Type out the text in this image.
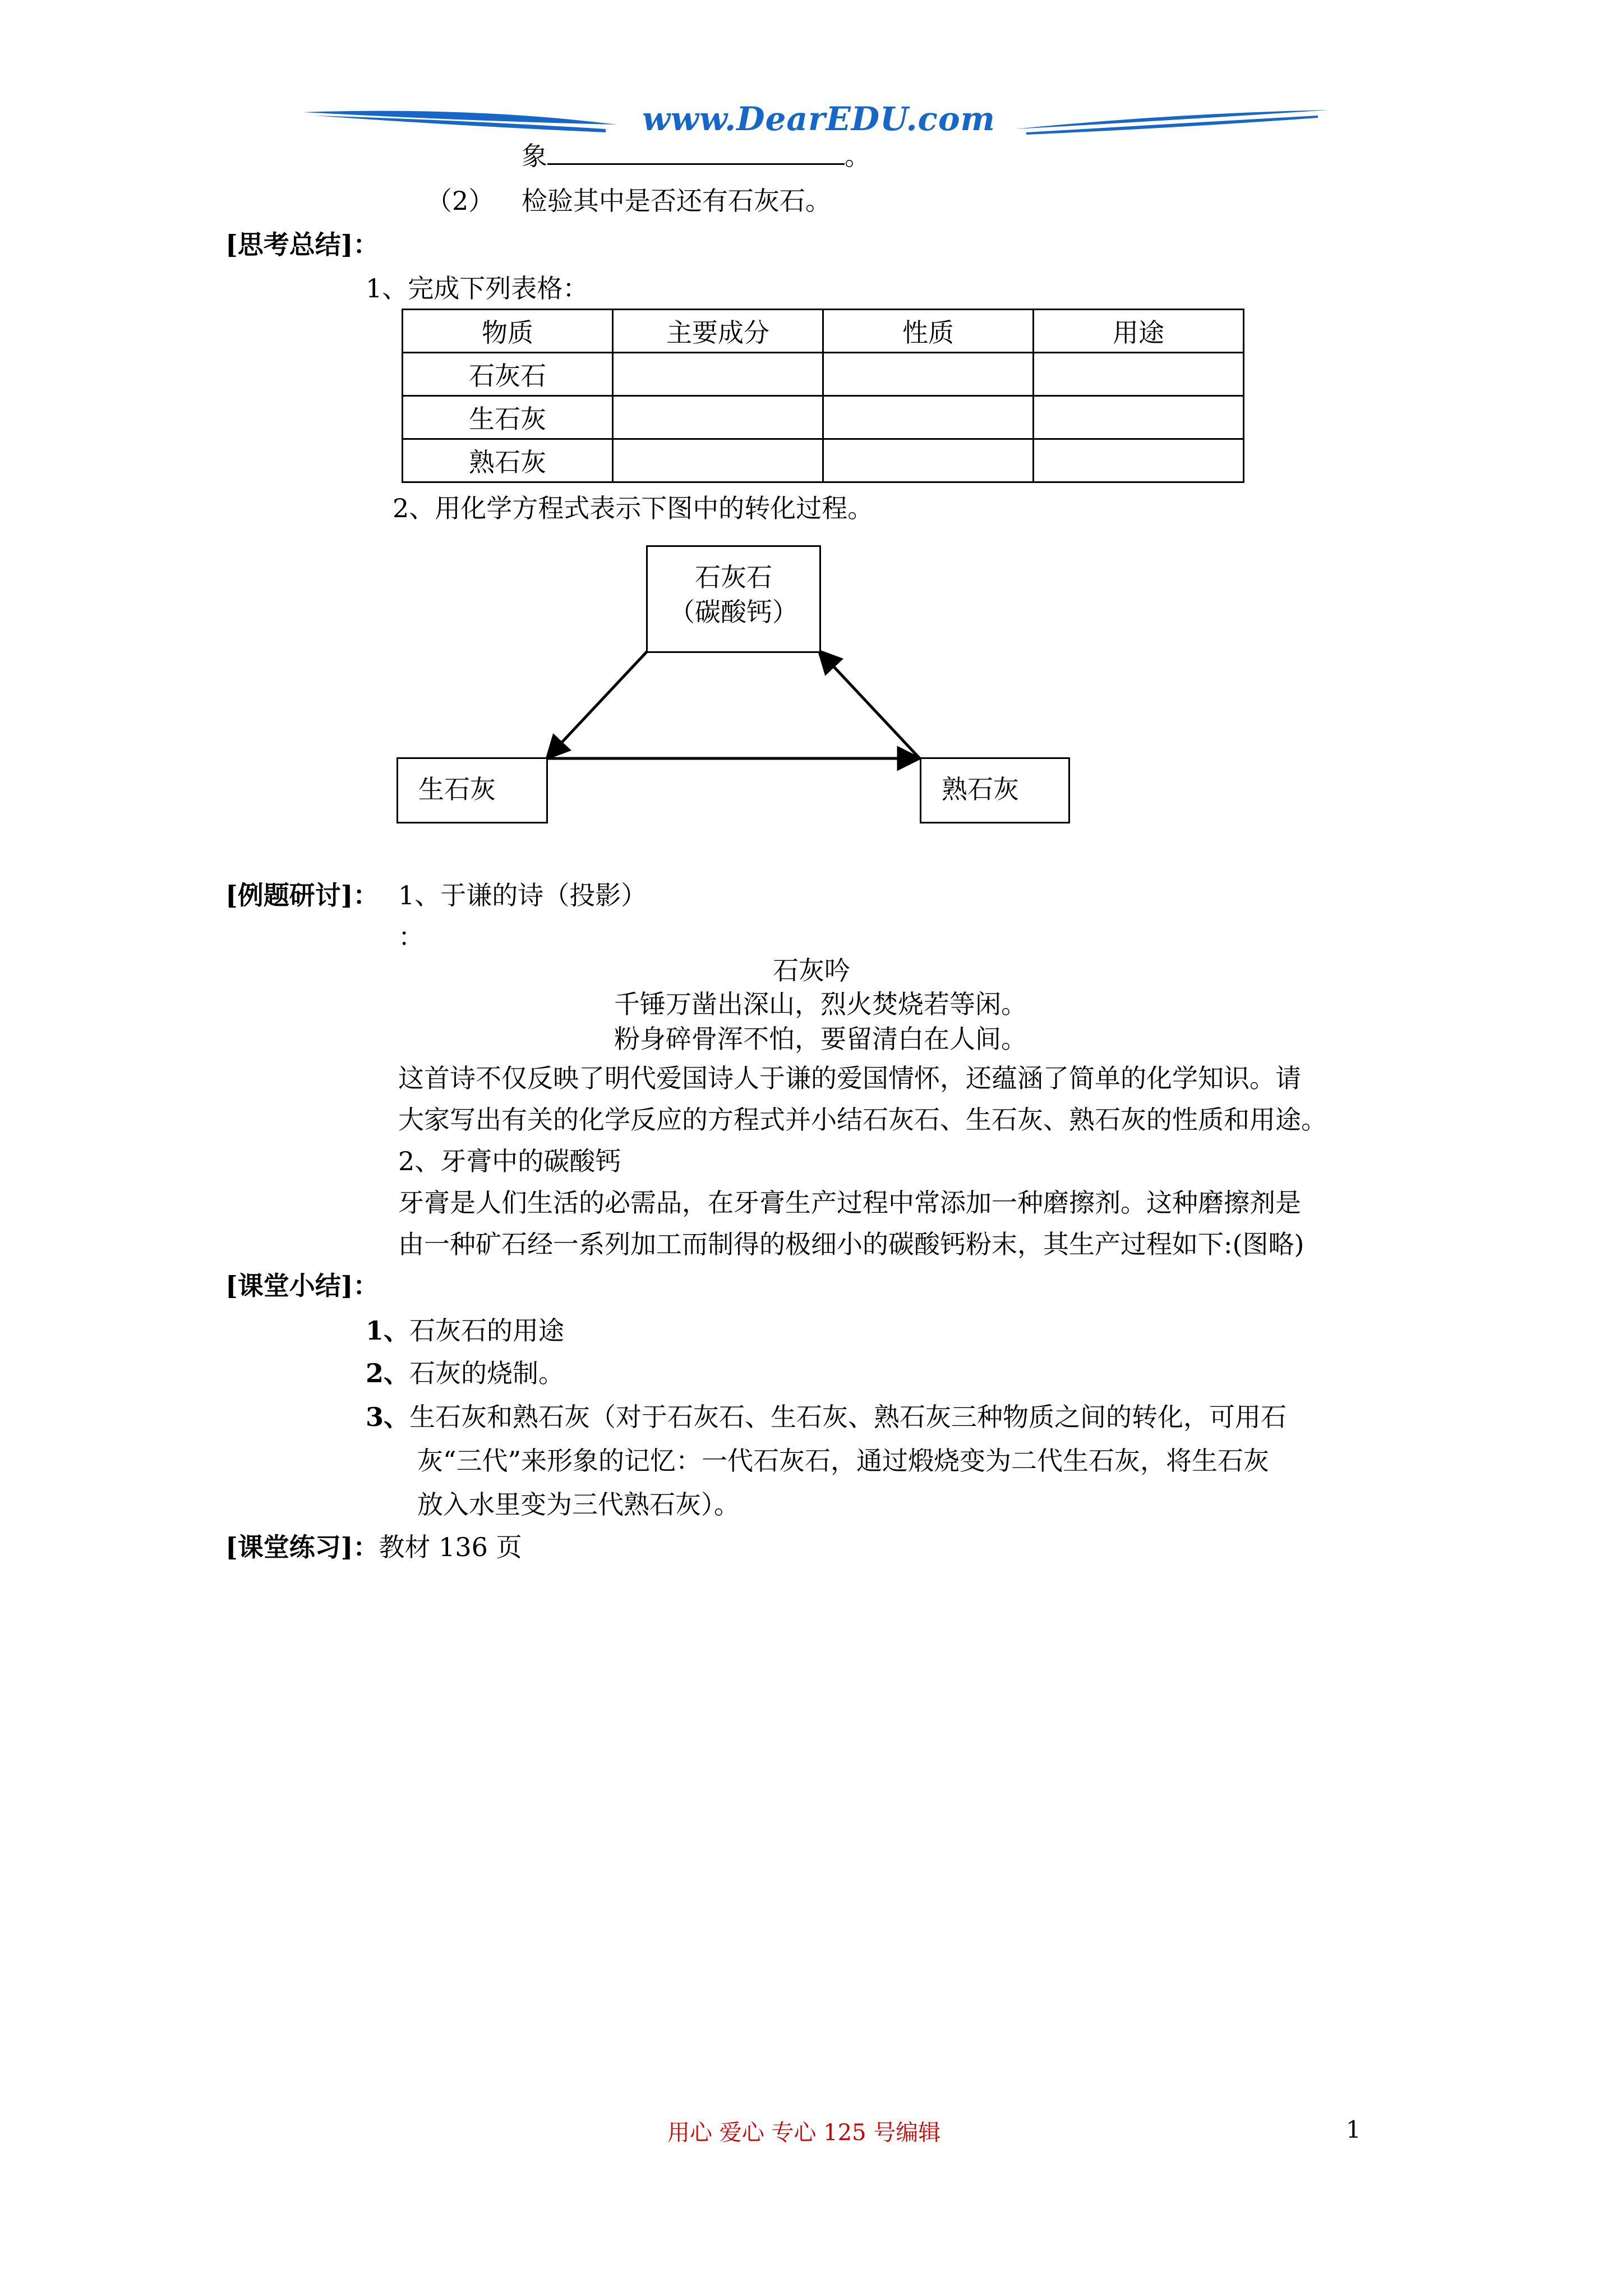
www.DearEDU.com
象	。
（2） 检验其中是否还有石灰石。
[思考总结]：
1、完成下列表格：
物质	主要成分	性质	用途
石灰石			
生石灰			
熟石灰			
2、用化学方程式表示下图中的转化过程。
石灰石
（碳酸钙）
生石灰	熟石灰
[例题研讨]： 1、于谦的诗（投影）
：
石灰吟
千锤万凿出深山，烈火焚烧若等闲。
粉身碎骨浑不怕，要留清白在人间。
这首诗不仅反映了明代爱国诗人于谦的爱国情怀，还蕴涵了简单的化学知识。请
大家写出有关的化学反应的方程式并小结石灰石、生石灰、熟石灰的性质和用途。
2、牙膏中的碳酸钙
牙膏是人们生活的必需品，在牙膏生产过程中常添加一种磨擦剂。这种磨擦剂是
由一种矿石经一系列加工而制得的极细小的碳酸钙粉末，其生产过程如下:(图略)
[课堂小结]：
1、石灰石的用途
2、石灰的烧制。
3、生石灰和熟石灰（对于石灰石、生石灰、熟石灰三种物质之间的转化，可用石
灰“三代”来形象的记忆：一代石灰石，通过煅烧变为二代生石灰，将生石灰
放入水里变为三代熟石灰）。
[课堂练习]：教材 136 页
用心 爱心 专心 125 号编辑	1
